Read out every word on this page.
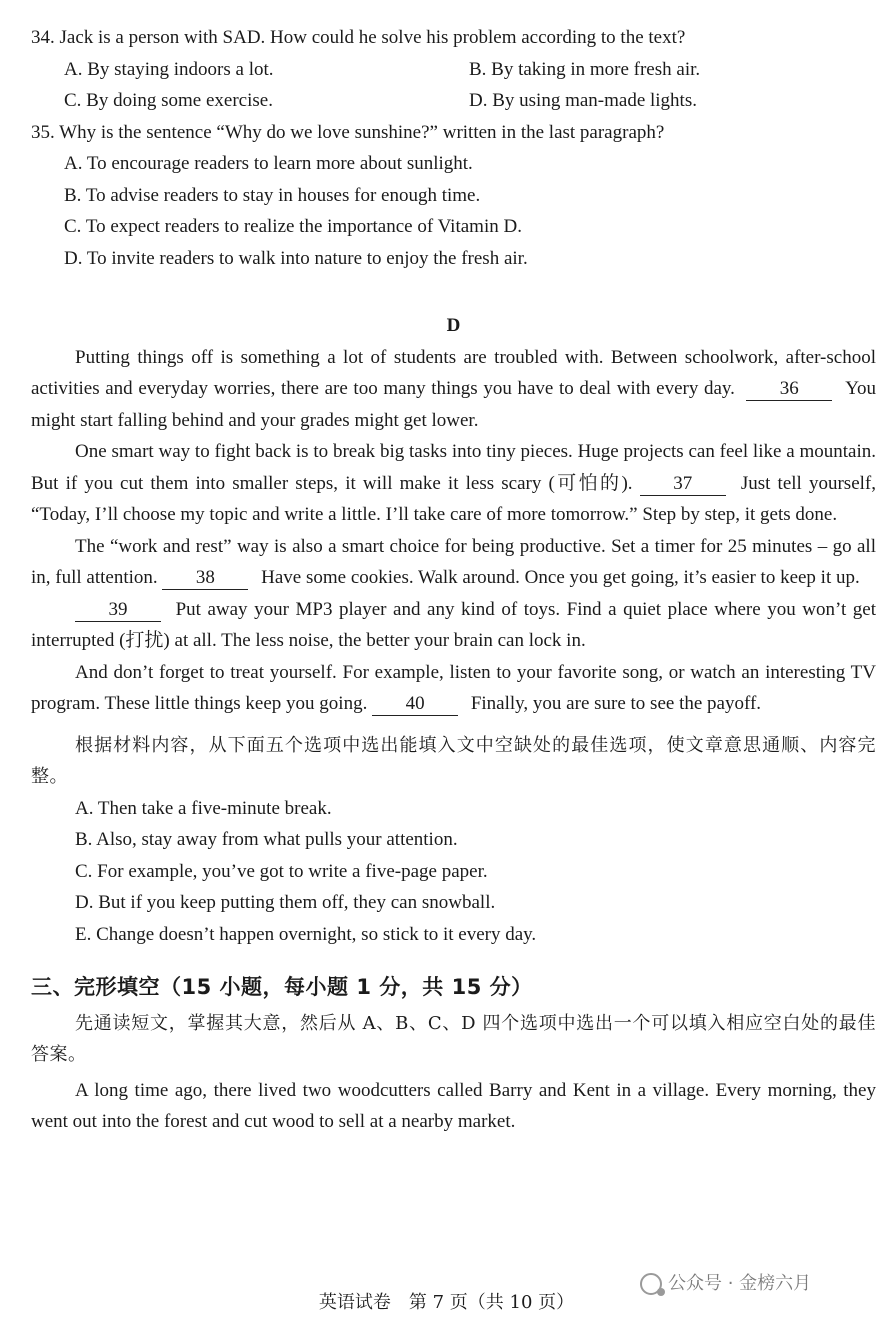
34. Jack is a person with SAD. How could he solve his problem according to the text?

A. By staying indoors a lot.	B. By taking in more fresh air.
C. By doing some exercise.	D. By using man-made lights.

35. Why is the sentence “Why do we love sunshine?” written in the last paragraph?

A. To encourage readers to learn more about sunlight.
B. To advise readers to stay in houses for enough time.
C. To expect readers to realize the importance of Vitamin D.
D. To invite readers to walk into nature to enjoy the fresh air.
D

Putting things off is something a lot of students are troubled with. Between schoolwork, after-school activities and everyday worries, there are too many things you have to deal with every day. 36 You might start falling behind and your grades might get lower.

One smart way to fight back is to break big tasks into tiny pieces. Huge projects can feel like a mountain. But if you cut them into smaller steps, it will make it less scary (可怕的). 37	Just tell yourself, “Today, I’ll choose my topic and write a little. I’ll take care of more tomorrow.” Step by step, it gets done.

The “work and rest” way is also a smart choice for being productive. Set a timer for 25 minutes – go all in, full attention. 38 Have some cookies. Walk around. Once you get going, it’s easier to keep it up.

39	Put away your MP3 player and any kind of toys. Find a quiet place where you won’t get interrupted (打扰) at all. The less noise, the better your brain can lock in.

And don’t forget to treat yourself. For example, listen to your favorite song, or watch an interesting TV program. These little things keep you going. 40 Finally, you are sure to see the payoff.

根据材料内容，从下面五个选项中选出能填入文中空缺处的最佳选项，使文章意思通顺、内容完整。

A. Then take a five-minute break.
B. Also, stay away from what pulls your attention.
C. For example, you’ve got to write a five-page paper.
D. But if you keep putting them off, they can snowball.
E. Change doesn’t happen overnight, so stick to it every day.
三、完形填空（15 小题，每小题 1 分，共 15 分）

先通读短文，掌握其大意，然后从 A、B、C、D 四个选项中选出一个可以填入相应空白处的最佳答案。

A long time ago, there lived two woodcutters called Barry and Kent in a village. Every morning, they went out into the forest and cut wood to sell at a nearby market.

公众号 · 金榜六月
英语试卷　第 7 页（共 10 页）
